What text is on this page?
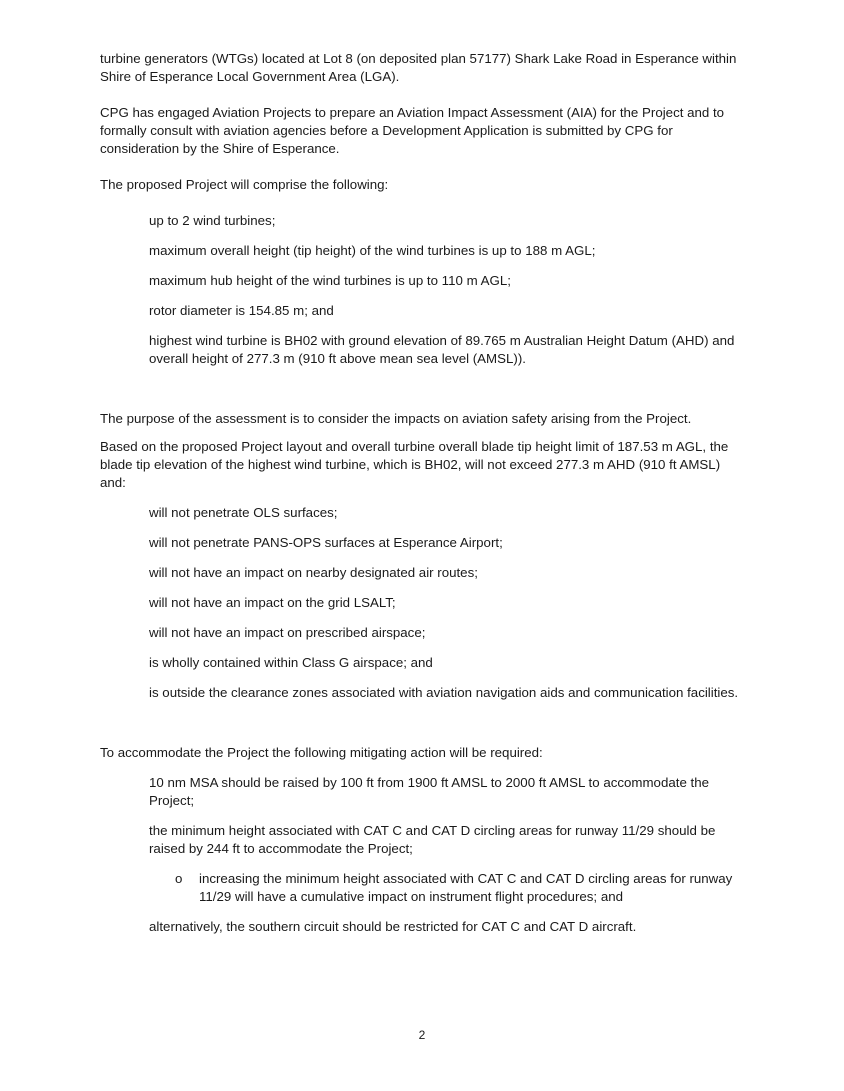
turbine generators (WTGs) located at Lot 8 (on deposited plan 57177) Shark Lake Road in Esperance within Shire of Esperance Local Government Area (LGA).

CPG has engaged Aviation Projects to prepare an Aviation Impact Assessment (AIA) for the Project and to formally consult with aviation agencies before a Development Application is submitted by CPG for consideration by the Shire of Esperance.

The proposed Project will comprise the following:

up to 2 wind turbines;
maximum overall height (tip height) of the wind turbines is up to 188 m AGL;
maximum hub height of the wind turbines is up to 110 m AGL;
rotor diameter is 154.85 m; and
highest wind turbine is BH02 with ground elevation of 89.765 m Australian Height Datum (AHD) and overall height of 277.3 m (910 ft above mean sea level (AMSL)).

The purpose of the assessment is to consider the impacts on aviation safety arising from the Project.

Based on the proposed Project layout and overall turbine overall blade tip height limit of 187.53 m AGL, the blade tip elevation of the highest wind turbine, which is BH02, will not exceed 277.3 m AHD (910 ft AMSL) and:

will not penetrate OLS surfaces;
will not penetrate PANS-OPS surfaces at Esperance Airport;
will not have an impact on nearby designated air routes;
will not have an impact on the grid LSALT;
will not have an impact on prescribed airspace;
is wholly contained within Class G airspace; and
is outside the clearance zones associated with aviation navigation aids and communication facilities.

To accommodate the Project the following mitigating action will be required:

10 nm MSA should be raised by 100 ft from 1900 ft AMSL to 2000 ft AMSL to accommodate the Project;
the minimum height associated with CAT C and CAT D circling areas for runway 11/29 should be raised by 244 ft to accommodate the Project;
o increasing the minimum height associated with CAT C and CAT D circling areas for runway 11/29 will have a cumulative impact on instrument flight procedures; and
alternatively, the southern circuit should be restricted for CAT C and CAT D aircraft.
2
